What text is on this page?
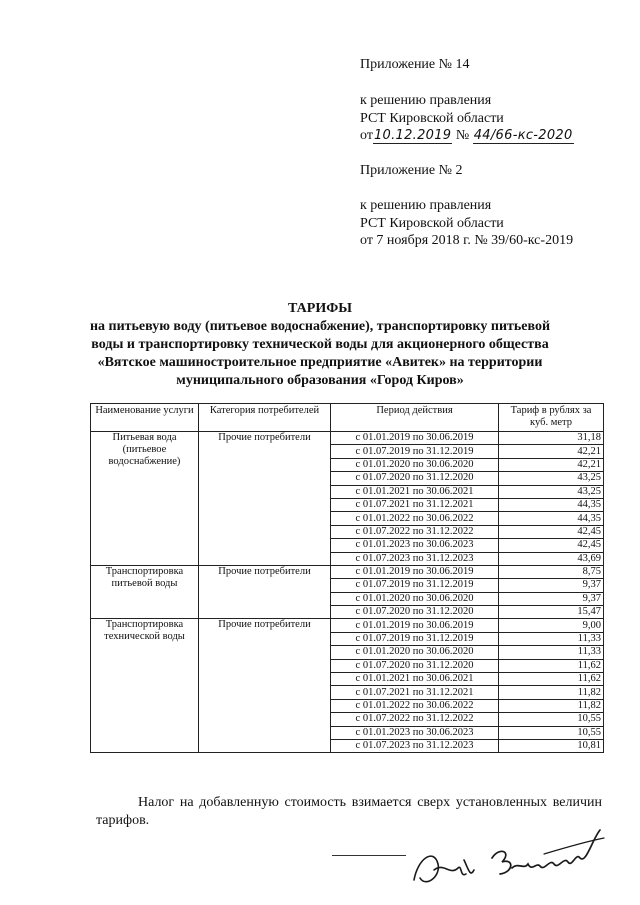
Приложение № 14
к решению правления
РСТ Кировской области
от10.12.2019 № 44/66-кс-2020
Приложение № 2
к решению правления
РСТ Кировской области
от 7 ноября 2018 г. № 39/60-кс-2019
ТАРИФЫ
на питьевую воду (питьевое водоснабжение), транспортировку питьевой
воды и транспортировку технической воды для акционерного общества
«Вятское машиностроительное предприятие «Авитек» на территории
муниципального образования «Город Киров»
Наименование услуги	Категория потребителей	Период действия	Тариф в рублях за куб. метр
Питьевая вода (питьевое водоснабжение)	Прочие потребители	с 01.01.2019 по 30.06.2019	31,18
		с 01.07.2019 по 31.12.2019	42,21
		с 01.01.2020 по 30.06.2020	42,21
		с 01.07.2020 по 31.12.2020	43,25
		с 01.01.2021 по 30.06.2021	43,25
		с 01.07.2021 по 31.12.2021	44,35
		с 01.01.2022 по 30.06.2022	44,35
		с 01.07.2022 по 31.12.2022	42,45
		с 01.01.2023 по 30.06.2023	42,45
		с 01.07.2023 по 31.12.2023	43,69
Транспортировка питьевой воды	Прочие потребители	с 01.01.2019 по 30.06.2019	8,75
		с 01.07.2019 по 31.12.2019	9,37
		с 01.01.2020 по 30.06.2020	9,37
		с 01.07.2020 по 31.12.2020	15,47
Транспортировка технической воды	Прочие потребители	с 01.01.2019 по 30.06.2019	9,00
		с 01.07.2019 по 31.12.2019	11,33
		с 01.01.2020 по 30.06.2020	11,33
		с 01.07.2020 по 31.12.2020	11,62
		с 01.01.2021 по 30.06.2021	11,62
		с 01.07.2021 по 31.12.2021	11,82
		с 01.01.2022 по 30.06.2022	11,82
		с 01.07.2022 по 31.12.2022	10,55
		с 01.01.2023 по 30.06.2023	10,55
		с 01.07.2023 по 31.12.2023	10,81
Налог на добавленную стоимость взимается сверх установленных величин тарифов.
